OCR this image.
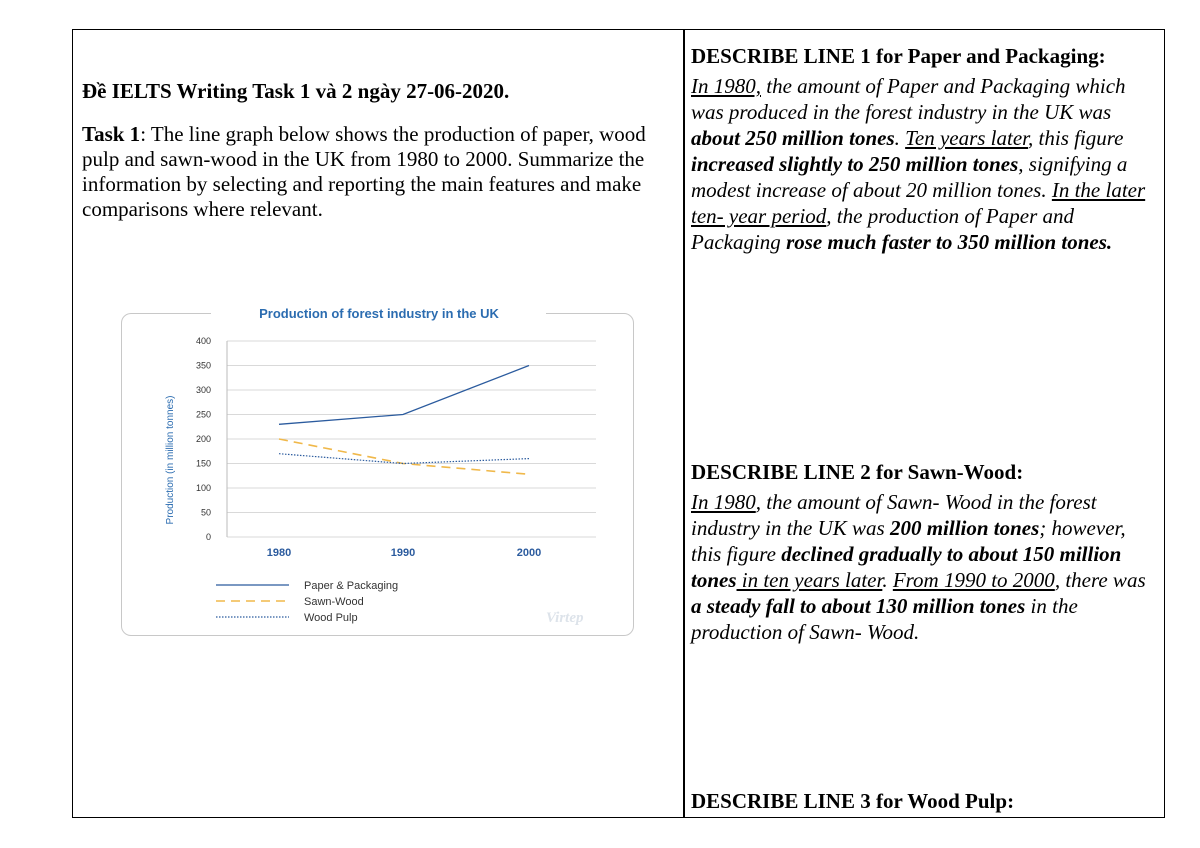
Đề IELTS Writing Task 1 và 2 ngày 27-06-2020.

Task 1: The line graph below shows the production of paper, wood pulp and sawn-wood in the UK from 1980 to 2000. Summarize the information by selecting and reporting the main features and make comparisons where relevant.

Production of forest industry in the UK
Production (in million tonnes)
0
50
100
150
200
250
300
350
400
1980	1990	2000
Paper & Packaging
Sawn-Wood
Wood Pulp	Virtep

DESCRIBE LINE 1 for Paper and Packaging:

In 1980, the amount of Paper and Packaging which was produced in the forest industry in the UK was about 250 million tones. Ten years later, this figure increased slightly to 250 million tones, signifying a modest increase of about 20 million tones. In the later ten- year period, the production of Paper and Packaging rose much faster to 350 million tones.

DESCRIBE LINE 2 for Sawn-Wood:

In 1980, the amount of Sawn- Wood in the forest industry in the UK was 200 million tones; however, this figure declined gradually to about 150 million tones in ten years later. From 1990 to 2000, there was a steady fall to about 130 million tones in the production of Sawn- Wood.

DESCRIBE LINE 3 for Wood Pulp:
